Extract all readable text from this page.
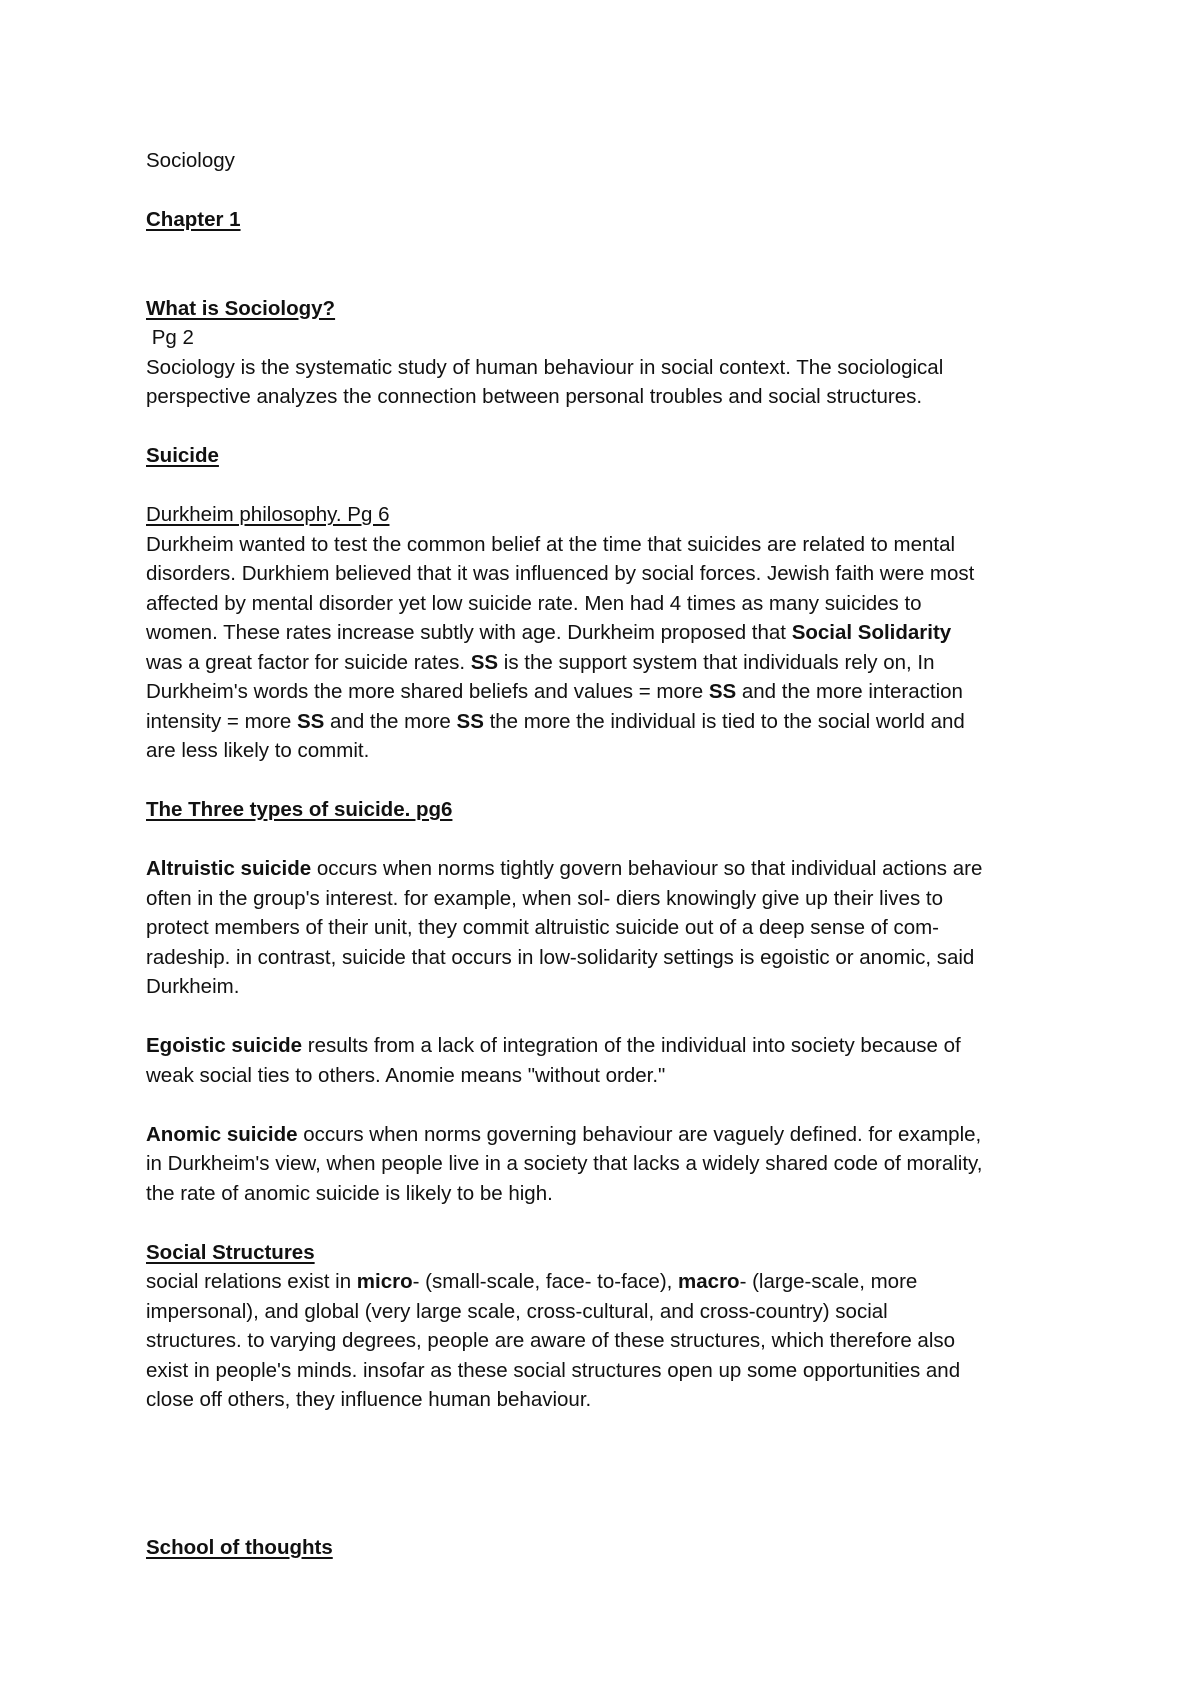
Sociology
Chapter 1
What is Sociology?
Pg 2
Sociology is the systematic study of human behaviour in social context. The sociological
perspective analyzes the connection between personal troubles and social structures.
Suicide
Durkheim philosophy. Pg 6
Durkheim wanted to test the common belief at the time that suicides are related to mental
disorders. Durkhiem believed that it was influenced by social forces. Jewish faith were most
affected by mental disorder yet low suicide rate. Men had 4 times as many suicides to
women. These rates increase subtly with age. Durkheim proposed that Social Solidarity
was a great factor for suicide rates. SS is the support system that individuals rely on, In
Durkheim's words the more shared beliefs and values = more SS and the more interaction
intensity = more SS and the more SS the more the individual is tied to the social world and
are less likely to commit.
The Three types of suicide. pg6
Altruistic suicide occurs when norms tightly govern behaviour so that individual actions are
often in the group's interest. for example, when sol- diers knowingly give up their lives to
protect members of their unit, they commit altruistic suicide out of a deep sense of com-
radeship. in contrast, suicide that occurs in low-solidarity settings is egoistic or anomic, said
Durkheim.
Egoistic suicide results from a lack of integration of the individual into society because of
weak social ties to others. Anomie means "without order."
Anomic suicide occurs when norms governing behaviour are vaguely defined. for example,
in Durkheim's view, when people live in a society that lacks a widely shared code of morality,
the rate of anomic suicide is likely to be high.
Social Structures
social relations exist in micro- (small-scale, face- to-face), macro- (large-scale, more
impersonal), and global (very large scale, cross-cultural, and cross-country) social
structures. to varying degrees, people are aware of these structures, which therefore also
exist in people's minds. insofar as these social structures open up some opportunities and
close off others, they influence human behaviour.
School of thoughts
